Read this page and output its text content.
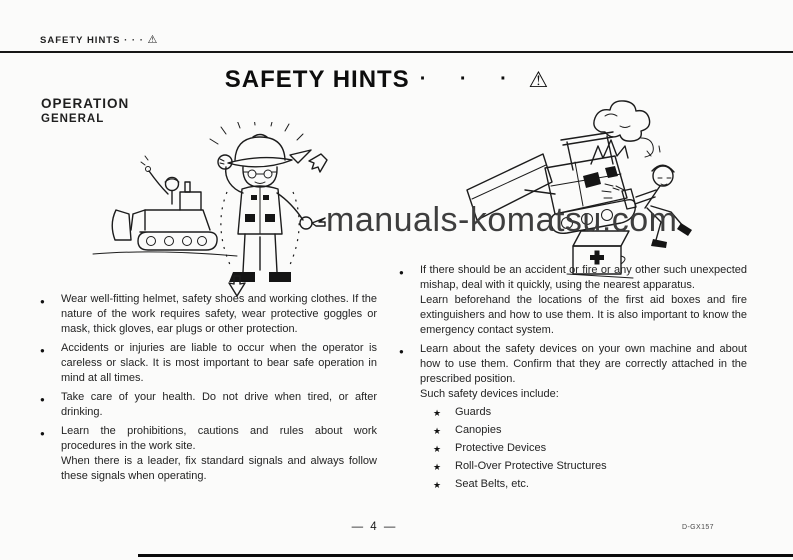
SAFETY HINTS · · · ⚠
SAFETY HINTS · · · ⚠
OPERATION
GENERAL
manuals-komatsu.com
●	Wear well-fitting helmet, safety shoes and working clothes. If the nature of the work requires safety, wear protective goggles or mask, thick gloves, ear plugs or other protection.
●	Accidents or injuries are liable to occur when the operator is careless or slack. It is most important to bear safe operation in mind at all times.
●	Take care of your health. Do not drive when tired, or after drinking.
●	Learn the prohibitions, cautions and rules about work procedures in the work site.
When there is a leader, fix standard signals and always follow these signals when operating.
●	If there should be an accident or fire or any other such unexpected mishap, deal with it quickly, using the nearest apparatus.
Learn beforehand the locations of the first aid boxes and fire extinguishers and how to use them. It is also important to know the emergency contact system.
●	Learn about the safety devices on your own machine and about how to use them. Confirm that they are correctly attached in the prescribed position.
Such safety devices include:
★	Guards
★	Canopies
★	Protective Devices
★	Roll-Over Protective Structures
★	Seat Belts, etc.
— 4 —	D-GX157
